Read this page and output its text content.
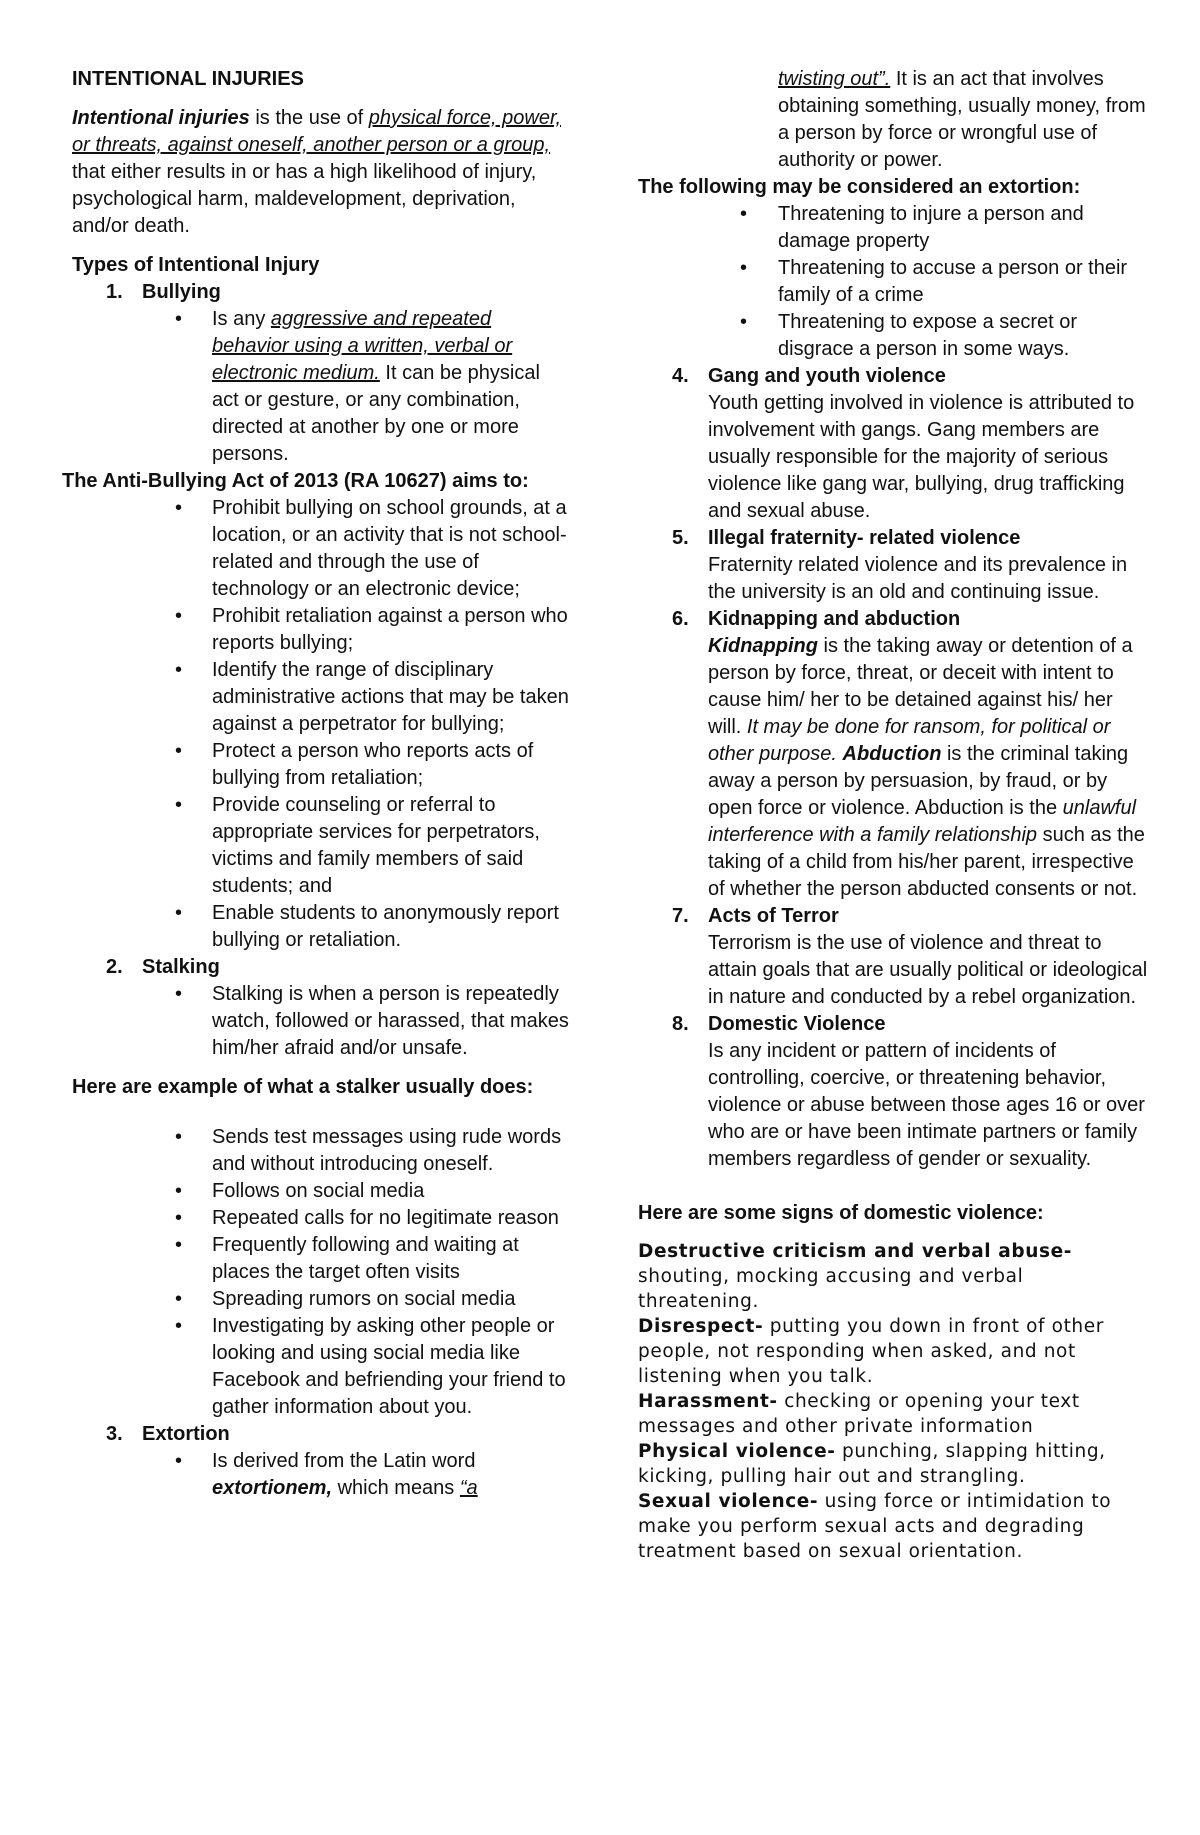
INTENTIONAL INJURIES

Intentional injuries is the use of physical force, power, or threats, against oneself, another person or a group, that either results in or has a high likelihood of injury, psychological harm, maldevelopment, deprivation, and/or death.

Types of Intentional Injury

1. Bullying
• Is any aggressive and repeated behavior using a written, verbal or electronic medium. It can be physical act or gesture, or any combination, directed at another by one or more persons.

The Anti-Bullying Act of 2013 (RA 10627) aims to:

• Prohibit bullying on school grounds, at a location, or an activity that is not school- related and through the use of technology or an electronic device;
• Prohibit retaliation against a person who reports bullying;
• Identify the range of disciplinary administrative actions that may be taken against a perpetrator for bullying;
• Protect a person who reports acts of bullying from retaliation;
• Provide counseling or referral to appropriate services for perpetrators, victims and family members of said students; and
• Enable students to anonymously report bullying or retaliation.
2. Stalking
• Stalking is when a person is repeatedly watch, followed or harassed, that makes him/her afraid and/or unsafe.

Here are example of what a stalker usually does:

• Sends test messages using rude words and without introducing oneself.
• Follows on social media
• Repeated calls for no legitimate reason
• Frequently following and waiting at places the target often visits
• Spreading rumors on social media
• Investigating by asking other people or looking and using social media like Facebook and befriending your friend to gather information about you.
3. Extortion
• Is derived from the Latin word extortionem, which means “a
twisting out”. It is an act that involves obtaining something, usually money, from a person by force or wrongful use of authority or power.

The following may be considered an extortion:

• Threatening to injure a person and damage property
• Threatening to accuse a person or their family of a crime
• Threatening to expose a secret or disgrace a person in some ways.
4. Gang and youth violence
Youth getting involved in violence is attributed to involvement with gangs. Gang members are usually responsible for the majority of serious violence like gang war, bullying, drug trafficking and sexual abuse.
5. Illegal fraternity- related violence
Fraternity related violence and its prevalence in the university is an old and continuing issue.
6. Kidnapping and abduction
Kidnapping is the taking away or detention of a person by force, threat, or deceit with intent to cause him/ her to be detained against his/ her will. It may be done for ransom, for political or other purpose. Abduction is the criminal taking away a person by persuasion, by fraud, or by open force or violence. Abduction is the unlawful interference with a family relationship such as the taking of a child from his/her parent, irrespective of whether the person abducted consents or not.
7. Acts of Terror
Terrorism is the use of violence and threat to attain goals that are usually political or ideological in nature and conducted by a rebel organization.
8. Domestic Violence
Is any incident or pattern of incidents of controlling, coercive, or threatening behavior, violence or abuse between those ages 16 or over who are or have been intimate partners or family members regardless of gender or sexuality.

Here are some signs of domestic violence:

Destructive criticism and verbal abuse-
shouting, mocking accusing and verbal threatening.
Disrespect- putting you down in front of other people, not responding when asked, and not listening when you talk.
Harassment- checking or opening your text messages and other private information
Physical violence- punching, slapping hitting, kicking, pulling hair out and strangling.
Sexual violence- using force or intimidation to make you perform sexual acts and degrading treatment based on sexual orientation.
